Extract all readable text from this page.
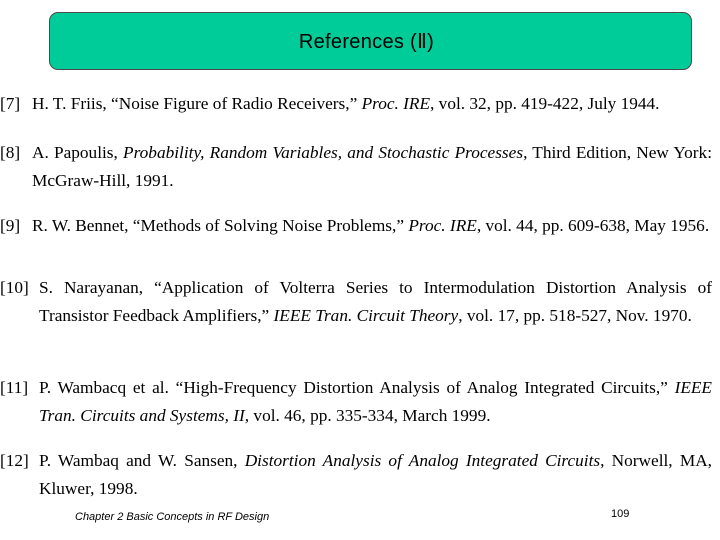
References (Ⅱ)
[7] H. T. Friis, “Noise Figure of Radio Receivers,” Proc. IRE, vol. 32, pp. 419-422, July 1944.
[8] A. Papoulis, Probability, Random Variables, and Stochastic Processes, Third Edition, New York: McGraw-Hill, 1991.
[9] R. W. Bennet, “Methods of Solving Noise Problems,” Proc. IRE, vol. 44, pp. 609-638, May 1956.
[10] S. Narayanan, “Application of Volterra Series to Intermodulation Distortion Analysis of Transistor Feedback Amplifiers,” IEEE Tran. Circuit Theory, vol. 17, pp. 518-527, Nov. 1970.
[11] P. Wambacq et al. “High-Frequency Distortion Analysis of Analog Integrated Circuits,” IEEE Tran. Circuits and Systems, II, vol. 46, pp. 335-334, March 1999.
[12] P. Wambaq and W. Sansen, Distortion Analysis of Analog Integrated Circuits, Norwell, MA, Kluwer, 1998.
Chapter 2 Basic Concepts in RF Design	109
